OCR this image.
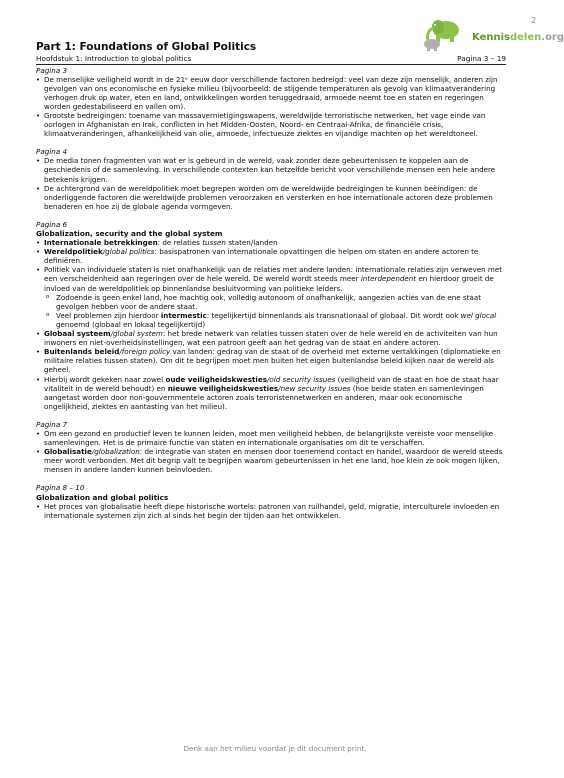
2
Kennisdelen.org
Part 1: Foundations of Global Politics
Hoofdstuk 1: Introduction to global politics	Pagina 3 – 19
Pagina 3
• De menselijke veiligheid wordt in de 21ᵉ eeuw door verschillende factoren bedreigd: veel van deze zijn menselijk, anderen zijn gevolgen van ons economische en fysieke milieu (bijvoorbeeld: de stijgende temperaturen als gevolg van klimaatverandering verhogen druk op water, eten en land, ontwikkelingen worden teruggedraaid, armoede neemt toe en staten en regeringen worden gedestabiliseerd en vallen om).
• Grootste bedreigingen: toename van massavernietigingswapens, wereldwijde terroristische netwerken, het vage einde van oorlogen in Afghanistan en Irak, conflicten in het Midden-Oosten, Noord- en Centraal-Afrika, de financiële crisis, klimaatveranderingen, afhankelijkheid van olie, armoede, infectueuze ziektes en vijandige machten op het wereldtoneel.
Pagina 4
• De media tonen fragmenten van wat er is gebeurd in de wereld, vaak zonder deze gebeurtenissen te koppelen aan de geschiedenis of de samenleving. In verschillende contexten kan hetzelfde bericht voor verschillende mensen een hele andere betekenis krijgen.
• De achtergrond van de wereldpolitiek moet begrepen worden om de wereldwijde bedreigingen te kunnen beëindigen: de onderliggende factoren die wereldwijde problemen veroorzaken en versterken en hoe internationale actoren deze problemen benaderen en hoe zij de globale agenda vormgeven.
Pagina 6
Globalization, security and the global system
• Internationale betrekkingen: de relaties tussen staten/landen
• Wereldpolitiek/global politics: basispatronen van internationale opvattingen die helpen om staten en andere actoren te definiëren.
• Politiek van individuele staten is niet onafhankelijk van de relaties met andere landen: internationale relaties zijn verweven met een verscheidenheid aan regeringen over de hele wereld. De wereld wordt steeds meer interdependent en hierdoor groeit de invloed van de wereldpolitiek op binnenlandse besluitvorming van politieke leiders.
o Zodoende is geen enkel land, hoe machtig ook, volledig autonoom of onafhankelijk, aangezien acties van de ene staat gevolgen hebben voor de andere staat.
o Veel problemen zijn hierdoor intermestic: tegelijkertijd binnenlands als transnationaal of globaal. Dit wordt ook wel glocal genoemd (globaal en lokaal tegelijkertijd)
• Globaal systeem/global system: het brede netwerk van relaties tussen staten over de hele wereld en de activiteiten van hun inwoners en niet-overheidsinstellingen, wat een patroon geeft aan het gedrag van de staat en andere actoren.
• Buitenlands beleid/foreign policy van landen: gedrag van de staat of de overheid met externe vertakkingen (diplomatieke en militaire relaties tussen staten). Om dit te begrijpen moet men buiten het eigen buitenlandse beleid kijken naar de wereld als geheel.
• Hierbij wordt gekeken naar zowel oude veiligheidskwesties/old security issues (veiligheid van de staat en hoe de staat haar vitaliteit in de wereld behoudt) en nieuwe veiligheidskwesties/new security issues (hoe beide staten en samenlevingen aangetast worden door non-gouvernmentele actoren zoals terroristennetwerken en anderen, maar ook economische ongelijkheid, ziektes en aantasting van het milieu).
Pagina 7
• Om een gezond en productief leven te kunnen leiden, moet men veiligheid hebben, de belangrijkste vereiste voor menselijke samenlevingen. Het is de primaire functie van staten en internationale organisaties om dit te verschaffen.
• Globalisatie/globalization: de integratie van staten en mensen door toenemend contact en handel, waardoor de wereld steeds meer wordt verbonden. Met dit begrip valt te begrijpen waarom gebeurtenissen in het ene land, hoe klein ze ook mogen lijken, mensen in andere landen kunnen beïnvloeden.
Pagina 8 – 10
Globalization and global politics
• Het proces van globalisatie heeft diepe historische wortels: patronen van ruilhandel, geld, migratie, interculturele invloeden en internationale systemen zijn zich al sinds het begin der tijden aan het ontwikkelen.
Denk aan het milieu voordat je dit document print.
